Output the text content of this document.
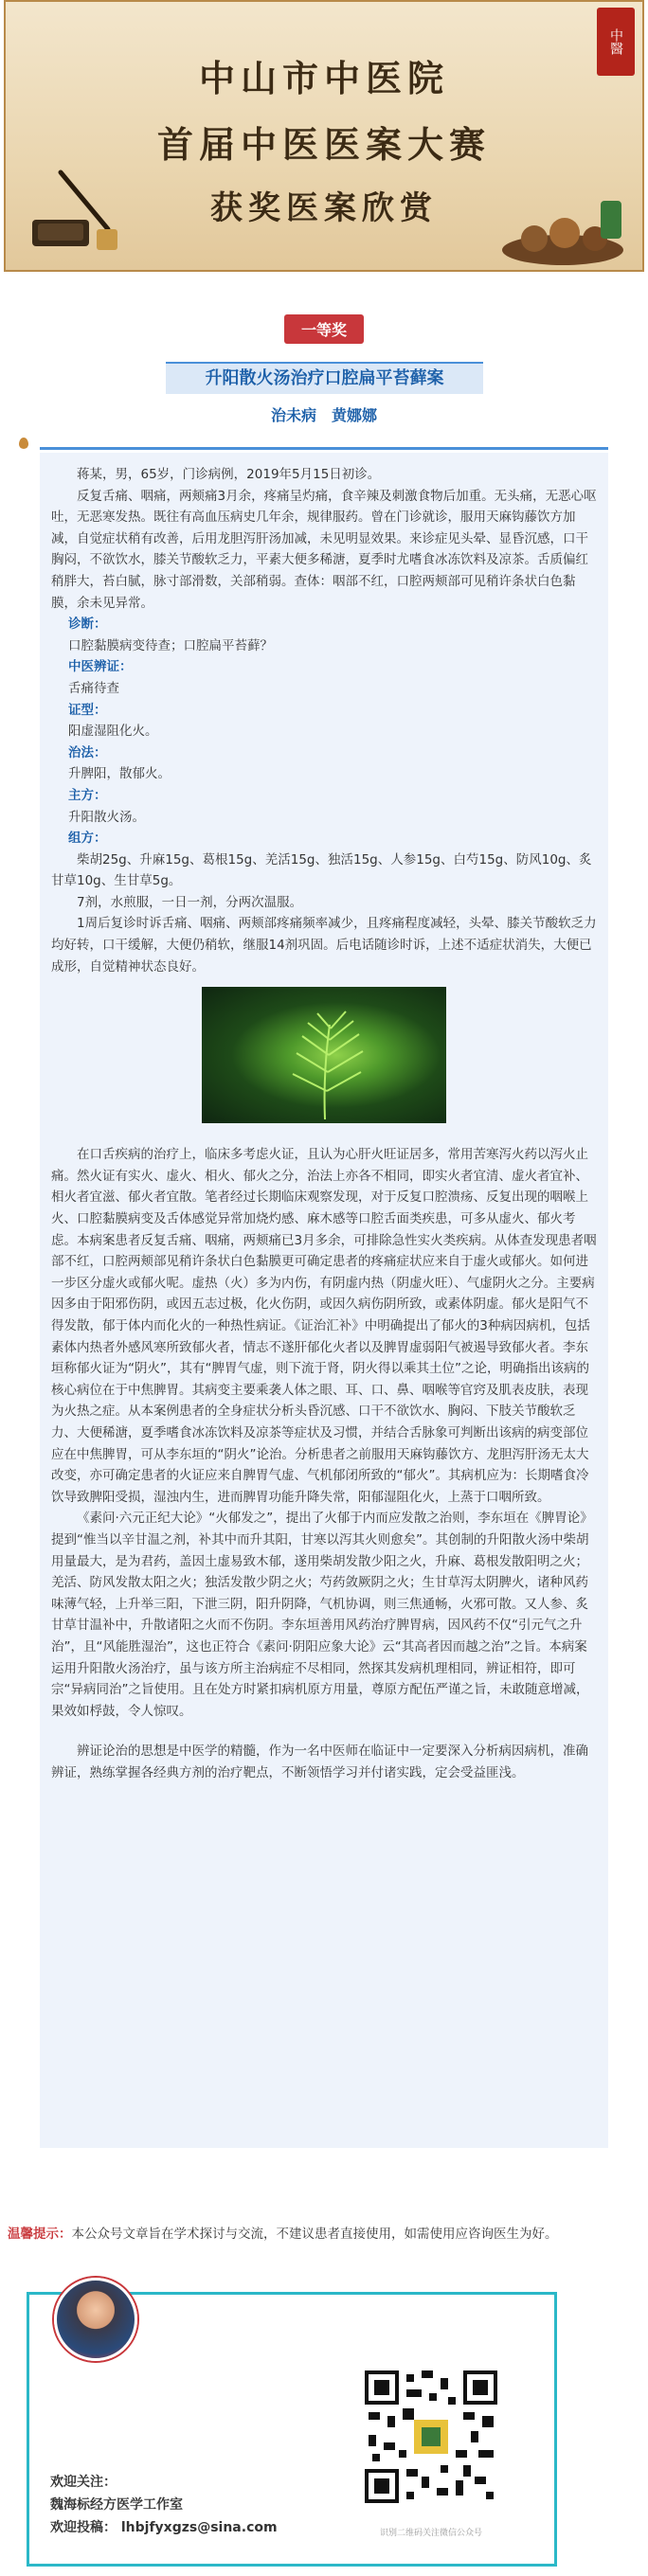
中醫
中山市中医院
首届中医医案大赛
获奖医案欣赏
一等奖
升阳散火汤治疗口腔扁平苔藓案
治未病　黄娜娜

蒋某，男，65岁，门诊病例，2019年5月15日初诊。

反复舌痛、咽痛，两颊痛3月余，疼痛呈灼痛，食辛辣及刺激食物后加重。无头痛，无恶心呕吐，无恶寒发热。既往有高血压病史几年余，规律服药。曾在门诊就诊，服用天麻钩藤饮方加减，自觉症状稍有改善，后用龙胆泻肝汤加减，未见明显效果。来诊症见头晕、显昏沉感，口干胸闷，不欲饮水，膝关节酸软乏力，平素大便多稀溏，夏季时尤嗜食冰冻饮料及凉茶。舌质偏红稍胖大，苔白腻，脉寸部滑数，关部稍弱。查体：咽部不红，口腔两颊部可见稍许条状白色黏膜，余未见异常。

诊断：

口腔黏膜病变待查；口腔扁平苔藓？

中医辨证：

舌痛待查

证型：

阳虚湿阻化火。

治法：

升脾阳，散郁火。

主方：

升阳散火汤。

组方：

柴胡25g、升麻15g、葛根15g、羌活15g、独活15g、人参15g、白芍15g、防风10g、炙甘草10g、生甘草5g。

7剂，水煎服，一日一剂，分两次温服。

1周后复诊时诉舌痛、咽痛、两颊部疼痛频率减少，且疼痛程度减轻，头晕、膝关节酸软乏力均好转，口干缓解，大便仍稍软，继服14剂巩固。后电话随诊时诉，上述不适症状消失，大便已成形，自觉精神状态良好。

在口舌疾病的治疗上，临床多考虑火证，且认为心肝火旺证居多，常用苦寒泻火药以泻火止痛。然火证有实火、虚火、相火、郁火之分，治法上亦各不相同，即实火者宜清、虚火者宜补、相火者宜滋、郁火者宜散。笔者经过长期临床观察发现，对于反复口腔溃疡、反复出现的咽喉上火、口腔黏膜病变及舌体感觉异常加烧灼感、麻木感等口腔舌面类疾患，可多从虚火、郁火考虑。本病案患者反复舌痛、咽痛，两颊痛已3月多余，可排除急性实火类疾病。从体查发现患者咽部不红，口腔两颊部见稍许条状白色黏膜更可确定患者的疼痛症状应来自于虚火或郁火。如何进一步区分虚火或郁火呢。虚热（火）多为内伤，有阴虚内热（阴虚火旺）、气虚阴火之分。主要病因多由于阳邪伤阴，或因五志过极，化火伤阴，或因久病伤阴所致，或素体阴虚。郁火是阳气不得发散，郁于体内而化火的一种热性病证。《证治汇补》中明确提出了郁火的3种病因病机，包括素体内热者外感风寒所致郁火者，情志不遂肝郁化火者以及脾胃虚弱阳气被遏导致郁火者。李东垣称郁火证为“阴火”，其有“脾胃气虚，则下流于肾，阴火得以乘其土位”之论，明确指出该病的核心病位在于中焦脾胃。其病变主要乘袭人体之眼、耳、口、鼻、咽喉等官窍及肌表皮肤，表现为火热之症。从本案例患者的全身症状分析头昏沉感、口干不欲饮水、胸闷、下肢关节酸软乏力、大便稀溏，夏季嗜食冰冻饮料及凉茶等症状及习惯，并结合舌脉象可判断出该病的病变部位应在中焦脾胃，可从李东垣的“阴火”论治。分析患者之前服用天麻钩藤饮方、龙胆泻肝汤无太大改变，亦可确定患者的火证应来自脾胃气虚、气机郁闭所致的“郁火”。其病机应为：长期嗜食冷饮导致脾阳受损，湿浊内生，进而脾胃功能升降失常，阳郁湿阻化火，上蒸于口咽所致。

《素问·六元正纪大论》“火郁发之”，提出了火郁于内而应发散之治则，李东垣在《脾胃论》提到“惟当以辛甘温之剂，补其中而升其阳，甘寒以泻其火则愈矣”。其创制的升阳散火汤中柴胡用量最大，是为君药，盖因土虚易致木郁，遂用柴胡发散少阳之火，升麻、葛根发散阳明之火；羌活、防风发散太阳之火；独活发散少阴之火；芍药敛厥阴之火；生甘草泻太阴脾火，诸种风药味薄气轻，上升举三阳，下泄三阴，阳升阴降，气机协调，则三焦通畅，火邪可散。又人参、炙甘草甘温补中，升散诸阳之火而不伤阴。李东垣善用风药治疗脾胃病，因风药不仅“引元气之升治”，且“风能胜湿治”，这也正符合《素问·阴阳应象大论》云“其高者因而越之治”之旨。本病案运用升阳散火汤治疗，虽与该方所主治病症不尽相同，然探其发病机理相同，辨证相符，即可宗“异病同治”之旨使用。且在处方时紧扣病机原方用量，尊原方配伍严谨之旨，未敢随意增减，果效如桴鼓，令人惊叹。

辨证论治的思想是中医学的精髓，作为一名中医师在临证中一定要深入分析病因病机，准确辨证，熟练掌握各经典方剂的治疗靶点，不断领悟学习并付诸实践，定会受益匪浅。

温馨提示：本公众号文章旨在学术探讨与交流，不建议患者直接使用，如需使用应咨询医生为好。
欢迎关注：
魏海标经方医学工作室
欢迎投稿： lhbjfyxgzs@sina.com	识别二维码关注微信公众号
